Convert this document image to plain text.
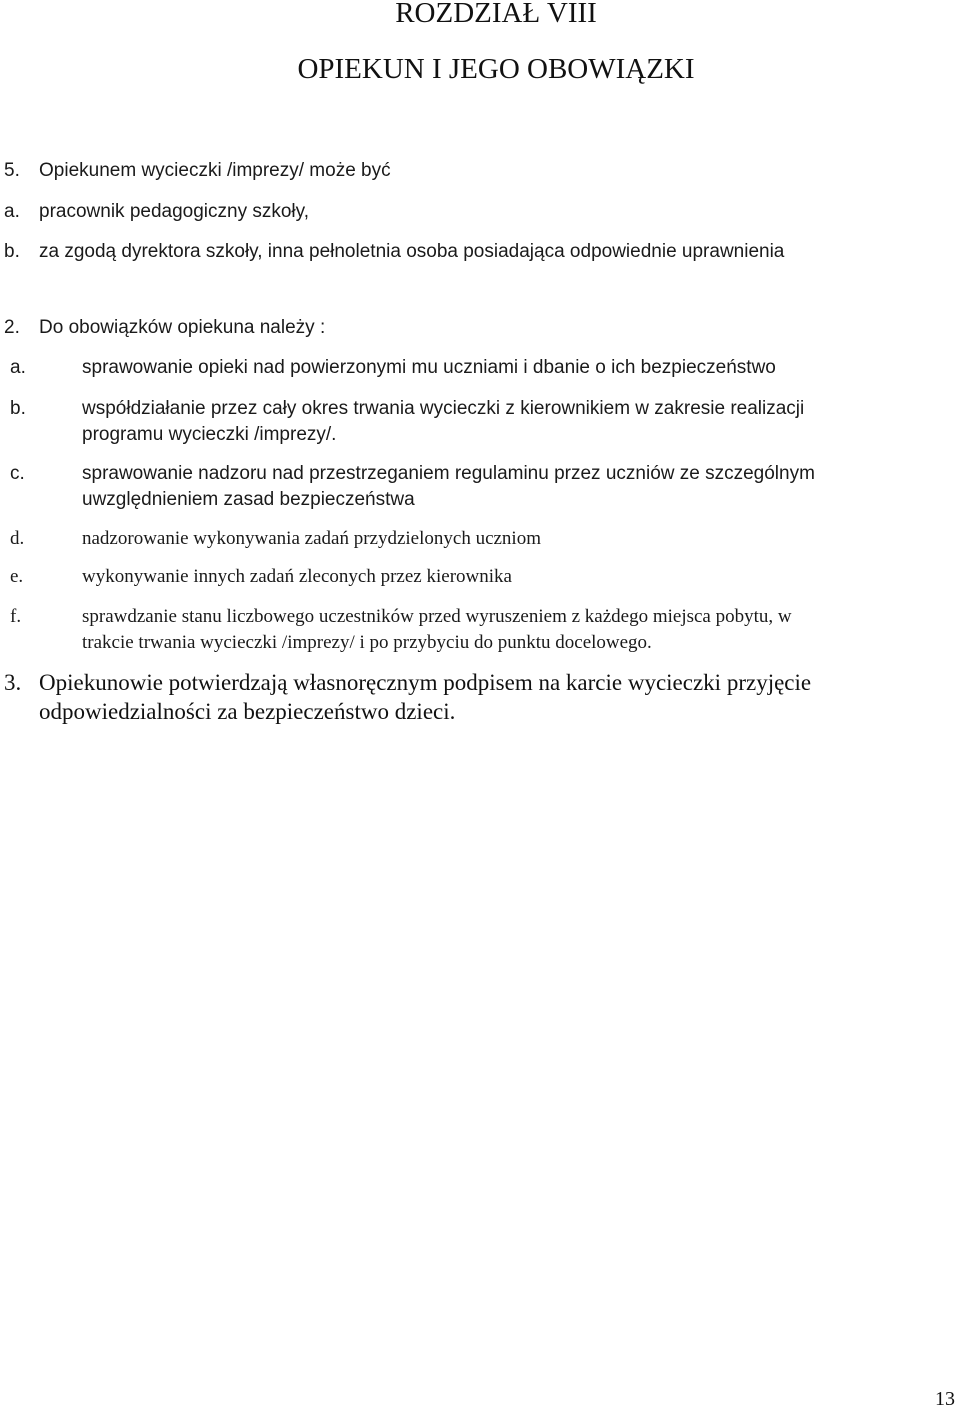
ROZDZIAŁ VIII
OPIEKUN I JEGO OBOWIĄZKI
5. Opiekunem wycieczki /imprezy/ może być
a. pracownik pedagogiczny szkoły,
b. za zgodą dyrektora szkoły, inna pełnoletnia osoba posiadająca odpowiednie uprawnienia
2. Do obowiązków opiekuna należy :
a.	sprawowanie opieki nad powierzonymi mu uczniami i dbanie o ich bezpieczeństwo
b.	współdziałanie przez cały okres trwania wycieczki z kierownikiem w zakresie realizacji
programu wycieczki /imprezy/.
c.	sprawowanie nadzoru nad przestrzeganiem regulaminu przez uczniów ze szczególnym
uwzględnieniem zasad bezpieczeństwa
d.	nadzorowanie wykonywania zadań przydzielonych uczniom
e.	wykonywanie innych zadań zleconych przez kierownika
f.	sprawdzanie stanu liczbowego uczestników przed wyruszeniem z każdego miejsca pobytu, w
trakcie trwania wycieczki /imprezy/ i po przybyciu do punktu docelowego.
3. Opiekunowie potwierdzają własnoręcznym podpisem na karcie wycieczki przyjęcie
odpowiedzialności za bezpieczeństwo dzieci.
13
